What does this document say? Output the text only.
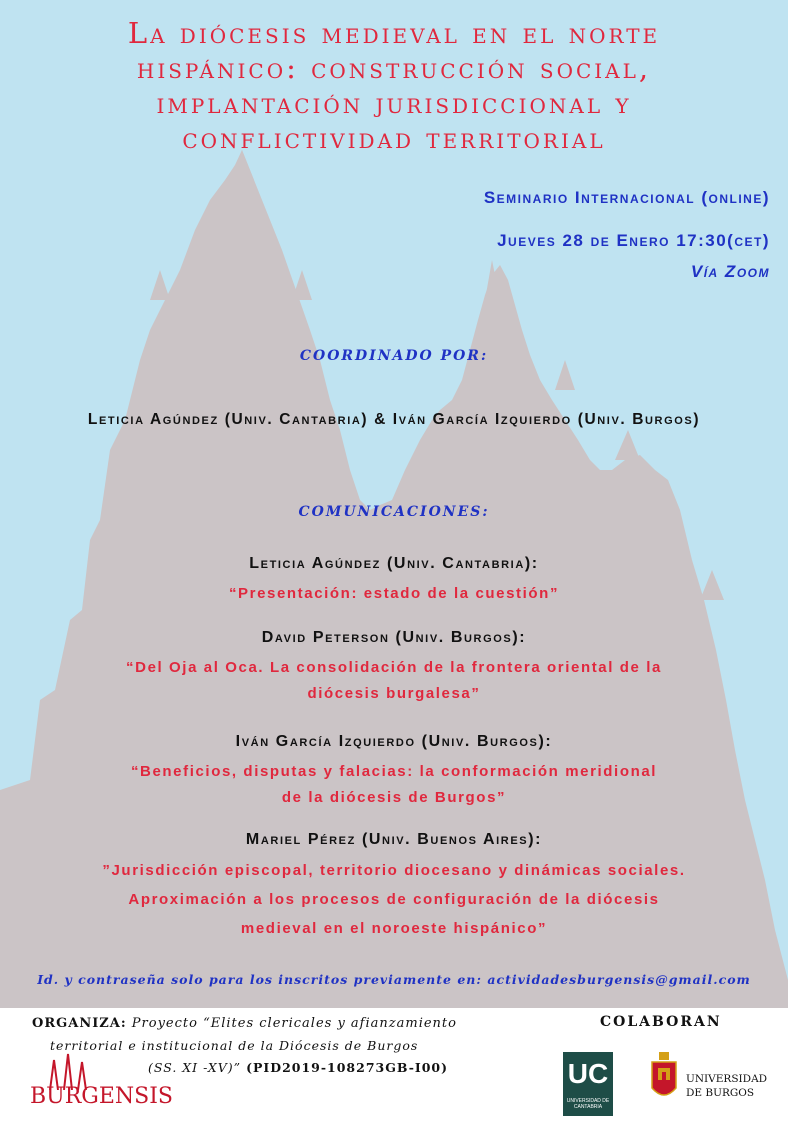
La diócesis medieval en el norte
hispánico: construcción social,
implantación jurisdiccional y
conflictividad territorial
Seminario Internacional (online)
Jueves 28 de Enero 17:30(cet)
Vía Zoom
COORDINADO POR:
Leticia Agúndez (Univ. Cantabria) & Iván García Izquierdo (Univ. Burgos)
COMUNICACIONES:
Leticia Agúndez (Univ. Cantabria):
“Presentación: estado de la cuestión”
David Peterson (Univ. Burgos):
“Del Oja al Oca. La consolidación de la frontera oriental de la
diócesis burgalesa”
Iván García Izquierdo (Univ. Burgos):
“Beneficios, disputas y falacias: la conformación meridional
de la diócesis de Burgos”
Mariel Pérez (Univ. Buenos Aires):
”Jurisdicción episcopal, territorio diocesano y dinámicas sociales.
Aproximación a los procesos de configuración de la diócesis
medieval en el noroeste hispánico”
Id. y contraseña solo para los inscritos previamente en: actividadesburgensis@gmail.com
ORGANIZA: Proyecto “Elites clericales y afianzamiento
territorial e institucional de la Diócesis de Burgos
(SS. XI -XV)” (PID2019-108273GB-I00)
BURGENSIS
COLABORAN
UC
UNIVERSIDAD DE CANTABRIA
UNIVERSIDAD
DE BURGOS
